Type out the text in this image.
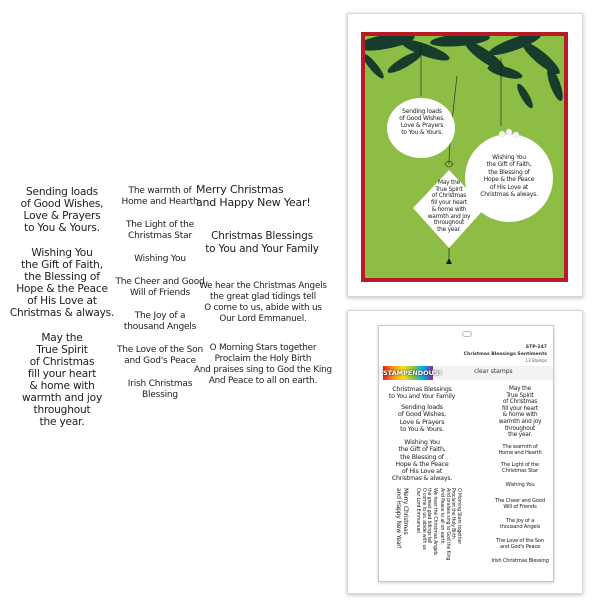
Sending loads
of Good Wishes,
Love & Prayers
to You & Yours.
Wishing You
the Gift of Faith,
the Blessing of
Hope & the Peace
of His Love at
Christmas & always.
May the
True Spirit
of Christmas
fill your heart
& home with
warmth and joy
throughout
the year.
The warmth of
Home and Hearth
The Light of the
Christmas Star
Wishing You
The Cheer and Good
Will of Friends
The Joy of a
thousand Angels
The Love of the Son
and God's Peace
Irish Christmas Blessing
Merry Christmas
and Happy New Year!
Christmas Blessings
to You and Your Family
We hear the Christmas Angels
the great glad tidings tell
O come to us, abide with us
Our Lord Emmanuel.
O Morning Stars together
Proclaim the Holy Birth
And praises sing to God the King
And Peace to all on earth.
Sending loads
of Good Wishes,
Love & Prayers
to You & Yours.
Wishing You
the Gift of Faith,
the Blessing of
Hope & the Peace
of His Love at
Christmas & always.
May the
True Spirit
of Christmas
fill your heart
& home with
warmth and joy
throughout
the year.
STP-247
Christmas Blessings Sentiments
13 Stamps
STAMPENDOUS!	clear stamps
Christmas Blessings
to You and Your Family
Sending loads
of Good Wishes,
Love & Prayers
to You & Yours.
Wishing You
the Gift of Faith,
the Blessing of
Hope & the Peace
of His Love at
Christmas & always.
Merry Christmas
and Happy New Year!
We hear the Christmas Angels
the great glad tidings tell
O come to us, abide with us
Our Lord Emmanuel.
O Morning Stars together
Proclaim the Holy Birth
And praises sing to God the King
And Peace to all on earth.
May the
True Spirit
of Christmas
fill your heart
& home with
warmth and joy
throughout
the year.
The warmth of
Home and Hearth
The Light of the
Christmas Star
Wishing You
The Cheer and Good
Will of Friends
The Joy of a
thousand Angels
The Love of the Son
and God's Peace
Irish Christmas Blessing
